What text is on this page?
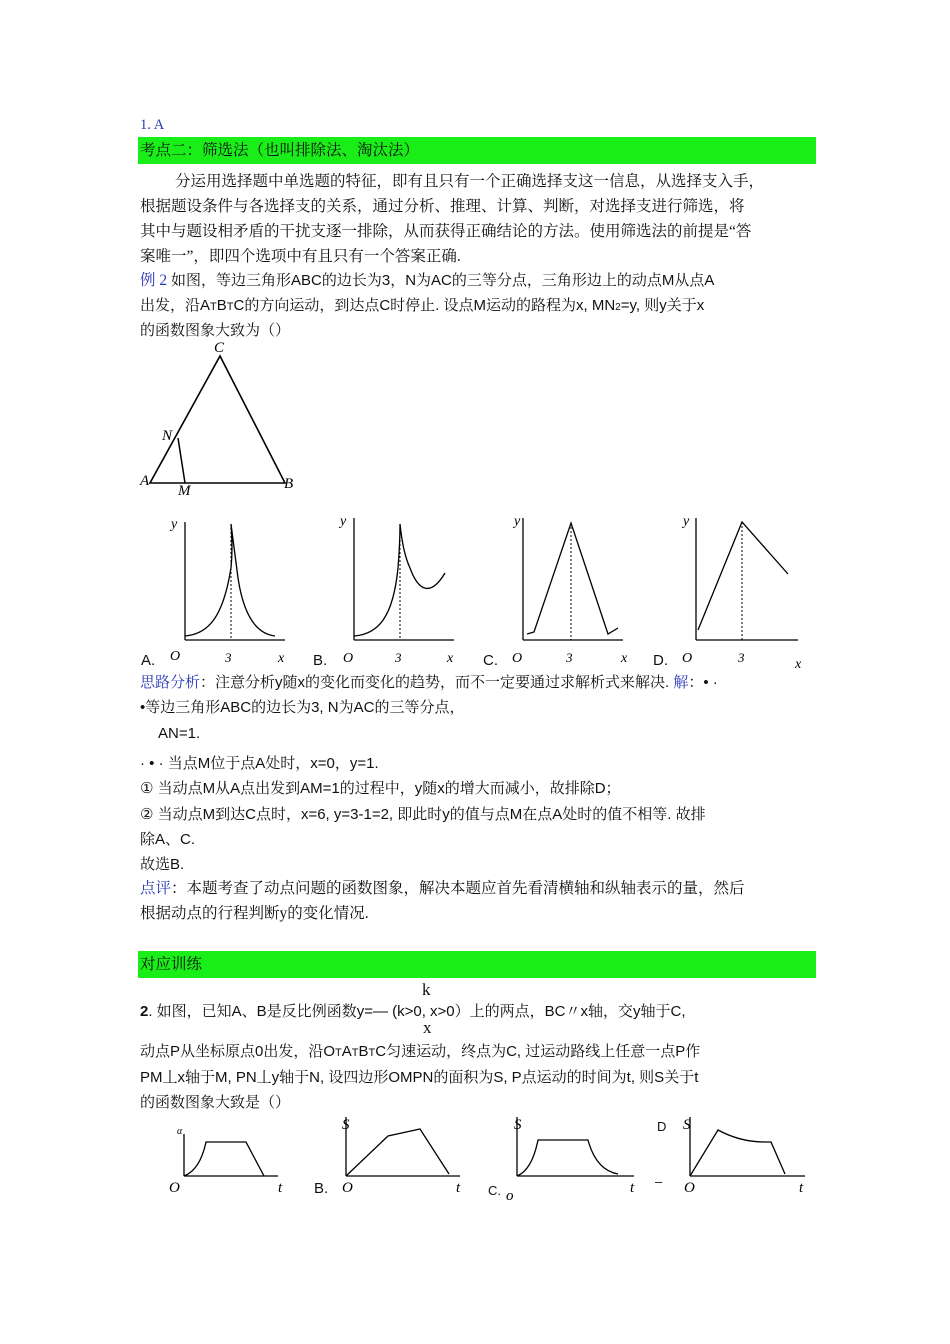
1. A
考点二：筛选法（也叫排除法、淘汰法）
分运用选择题中单选题的特征，即有且只有一个正确选择支这一信息，从选择支入手，
根据题设条件与各选择支的关系，通过分析、推理、计算、判断，对选择支进行筛选，将
其中与题设相矛盾的干扰支逐一排除，从而获得正确结论的方法。使用筛选法的前提是“答
案唯一”，即四个选项中有且只有一个答案正确.
例 2 如图，等边三角形ABC的边长为3，N为AC的三等分点，三角形边上的动点M从点A
出发，沿ATBTC的方向运动，到达点C时停止. 设点M运动的路程为x, MN2=y, 则y关于x
的函数图象大致为（）
C
N
A
M	B
y
O	3	x
y
O	3	x
y
O	3	x
y
O	3	x
A.	B.	C.	D.
思路分析：注意分析y随x的变化而变化的趋势，而不一定要通过求解析式来解决. 解：• ·
•等边三角形ABC的边长为3, N为AC的三等分点，
AN=1.
· • · 当点M位于点A处时，x=0，y=1.
① 当动点M从A点出发到AM=1的过程中，y随x的增大而减小，故排除D；
② 当动点M到达C点时，x=6, y=3-1=2, 即此时y的值与点M在点A处时的值不相等. 故排
除A、C.
故选B.
点评：本题考查了动点问题的函数图象，解决本题应首先看清横轴和纵轴表示的量，然后
根据动点的行程判断y的变化情况.
对应训练
k
2. 如图，已知A、B是反比例函数y=— (k>0, x>0）上的两点，BC〃x轴，交y轴于C,
x
动点P从坐标原点0出发，沿OTATBTC匀速运动，终点为C, 过运动路线上任意一点P作
PM丄x轴于M, PN丄y轴于N, 设四边形OMPN的面积为S, P点运动的时间为t, 则S关于t
的函数图象大致是（）
α
O	t
S
O	t
S
ο	t
S
O	t
B.	C.
D
–
